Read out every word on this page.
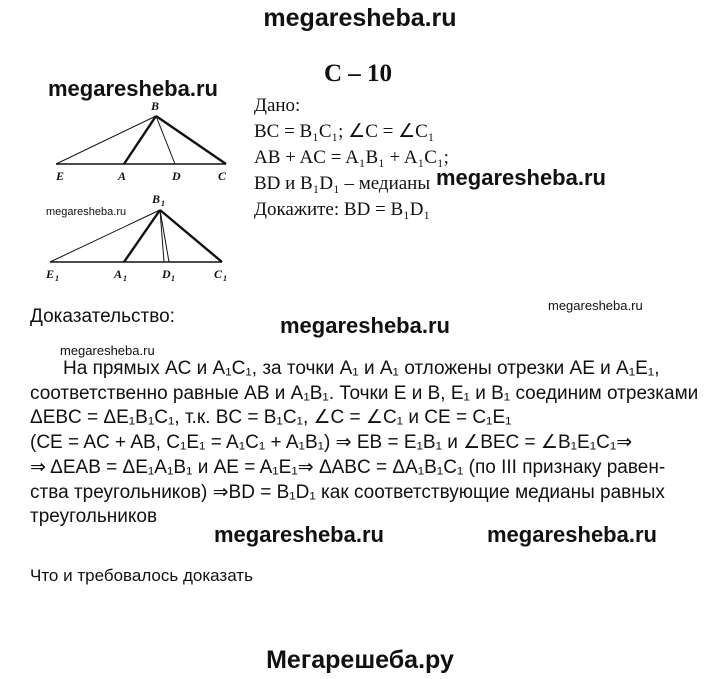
megaresheba.ru
megaresheba.ru
megaresheba.ru
megaresheba.ru
megaresheba.ru
megaresheba.ru
megaresheba.ru
megaresheba.ru	megaresheba.ru
С – 10
B
E	A	D	C
B 1
E 1	A 1	D 1	C 1
Дано:
BC = B₁C₁; ∠C = ∠C₁
AB + AC = A₁B₁ + A₁C₁;
BD и B₁D₁ – медианы
Докажите: BD = B₁D₁
Доказательство:
На прямых AC и A₁C₁, за точки A₁ и A₁ отложены отрезки AE и A₁E₁,
соответственно равные AB и A₁B₁. Точки E и B, E₁ и B₁ соединим отрезками
ΔEBC = ΔE₁B₁C₁, т.к. BC = B₁C₁, ∠C = ∠C₁ и CE = C₁E₁
(CE = AC + AB, C₁E₁ = A₁C₁ + A₁B₁) ⇒ EB = E₁B₁ и ∠BEC = ∠B₁E₁C₁⇒
⇒ ΔEAB = ΔE₁A₁B₁ и AE = A₁E₁⇒ ΔABC = ΔA₁B₁C₁ (по III признаку равен-
ства треугольников) ⇒BD = B₁D₁ как соответствующие медианы равных
треугольников
Что и требовалось доказать
Мегарешеба.ру
